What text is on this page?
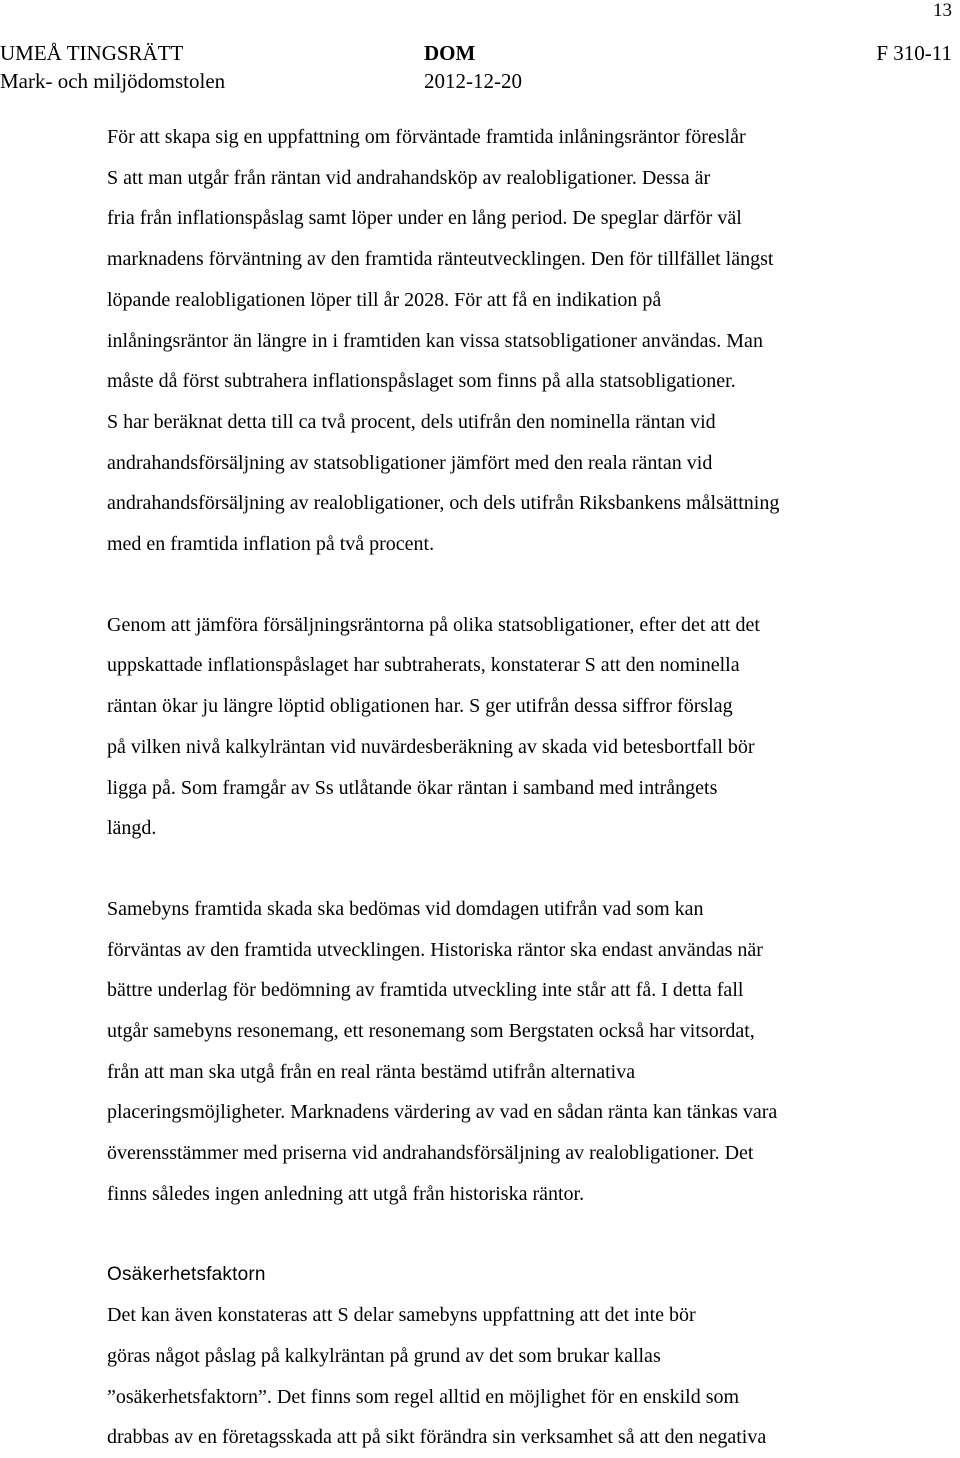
13
UMEÅ TINGSRÄTT	DOM	F 310-11
Mark- och miljödomstolen	2012-12-20

För att skapa sig en uppfattning om förväntade framtida inlåningsräntor föreslår
S att man utgår från räntan vid andrahandsköp av realobligationer. Dessa är
fria från inflationspåslag samt löper under en lång period. De speglar därför väl
marknadens förväntning av den framtida ränteutvecklingen. Den för tillfället längst
löpande realobligationen löper till år 2028. För att få en indikation på
inlåningsräntor än längre in i framtiden kan vissa statsobligationer användas. Man
måste då först subtrahera inflationspåslaget som finns på alla statsobligationer.
S har beräknat detta till ca två procent, dels utifrån den nominella räntan vid
andrahandsförsäljning av statsobligationer jämfört med den reala räntan vid
andrahandsförsäljning av realobligationer, och dels utifrån Riksbankens målsättning
med en framtida inflation på två procent.

Genom att jämföra försäljningsräntorna på olika statsobligationer, efter det att det
uppskattade inflationspåslaget har subtraherats, konstaterar S att den nominella
räntan ökar ju längre löptid obligationen har. S ger utifrån dessa siffror förslag
på vilken nivå kalkylräntan vid nuvärdesberäkning av skada vid betesbortfall bör
ligga på. Som framgår av Ss utlåtande ökar räntan i samband med intrångets
längd.

Samebyns framtida skada ska bedömas vid domdagen utifrån vad som kan
förväntas av den framtida utvecklingen. Historiska räntor ska endast användas när
bättre underlag för bedömning av framtida utveckling inte står att få. I detta fall
utgår samebyns resonemang, ett resonemang som Bergstaten också har vitsordat,
från att man ska utgå från en real ränta bestämd utifrån alternativa
placeringsmöjligheter. Marknadens värdering av vad en sådan ränta kan tänkas vara
överensstämmer med priserna vid andrahandsförsäljning av realobligationer. Det
finns således ingen anledning att utgå från historiska räntor.

Osäkerhetsfaktorn

Det kan även konstateras att S delar samebyns uppfattning att det inte bör
göras något påslag på kalkylräntan på grund av det som brukar kallas
”osäkerhetsfaktorn”. Det finns som regel alltid en möjlighet för en enskild som
drabbas av en företagsskada att på sikt förändra sin verksamhet så att den negativa
